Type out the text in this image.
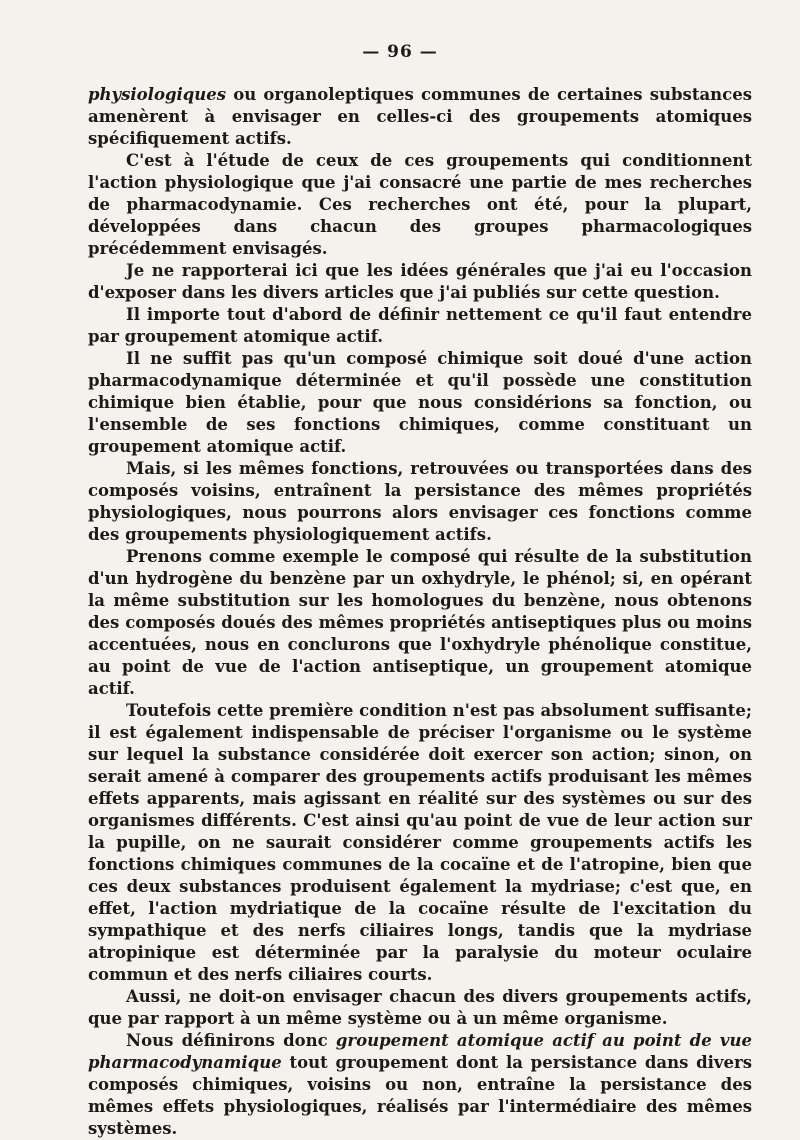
— 96 —

physiologiques ou organoleptiques communes de certaines substances amenèrent à envisager en celles-ci des groupements atomiques spécifiquement actifs.

C'est à l'étude de ceux de ces groupements qui conditionnent l'action physiologique que j'ai consacré une partie de mes recherches de pharmacodynamie. Ces recherches ont été, pour la plupart, développées dans chacun des groupes pharmacologiques précédemment envisagés.

Je ne rapporterai ici que les idées générales que j'ai eu l'occasion d'exposer dans les divers articles que j'ai publiés sur cette question.

Il importe tout d'abord de définir nettement ce qu'il faut entendre par groupement atomique actif.

Il ne suffit pas qu'un composé chimique soit doué d'une action pharmacodynamique déterminée et qu'il possède une constitution chimique bien établie, pour que nous considérions sa fonction, ou l'ensemble de ses fonctions chimiques, comme constituant un groupement atomique actif.

Mais, si les mêmes fonctions, retrouvées ou transportées dans des composés voisins, entraînent la persistance des mêmes propriétés physiologiques, nous pourrons alors envisager ces fonctions comme des groupements physiologiquement actifs.

Prenons comme exemple le composé qui résulte de la substitution d'un hydrogène du benzène par un oxhydryle, le phénol; si, en opérant la même substitution sur les homologues du benzène, nous obtenons des composés doués des mêmes propriétés antiseptiques plus ou moins accentuées, nous en conclurons que l'oxhydryle phénolique constitue, au point de vue de l'action antiseptique, un groupement atomique actif.

Toutefois cette première condition n'est pas absolument suffisante; il est également indispensable de préciser l'organisme ou le système sur lequel la substance considérée doit exercer son action; sinon, on serait amené à comparer des groupements actifs produisant les mêmes effets apparents, mais agissant en réalité sur des systèmes ou sur des organismes différents. C'est ainsi qu'au point de vue de leur action sur la pupille, on ne saurait considérer comme groupements actifs les fonctions chimiques communes de la cocaïne et de l'atropine, bien que ces deux substances produisent également la mydriase; c'est que, en effet, l'action mydriatique de la cocaïne résulte de l'excitation du sympathique et des nerfs ciliaires longs, tandis que la mydriase atropinique est déterminée par la paralysie du moteur oculaire commun et des nerfs ciliaires courts.

Aussi, ne doit-on envisager chacun des divers groupements actifs, que par rapport à un même système ou à un même organisme.

Nous définirons donc groupement atomique actif au point de vue pharmacodynamique tout groupement dont la persistance dans divers composés chimiques, voisins ou non, entraîne la persistance des mêmes effets physiologiques, réalisés par l'intermédiaire des mêmes systèmes.
